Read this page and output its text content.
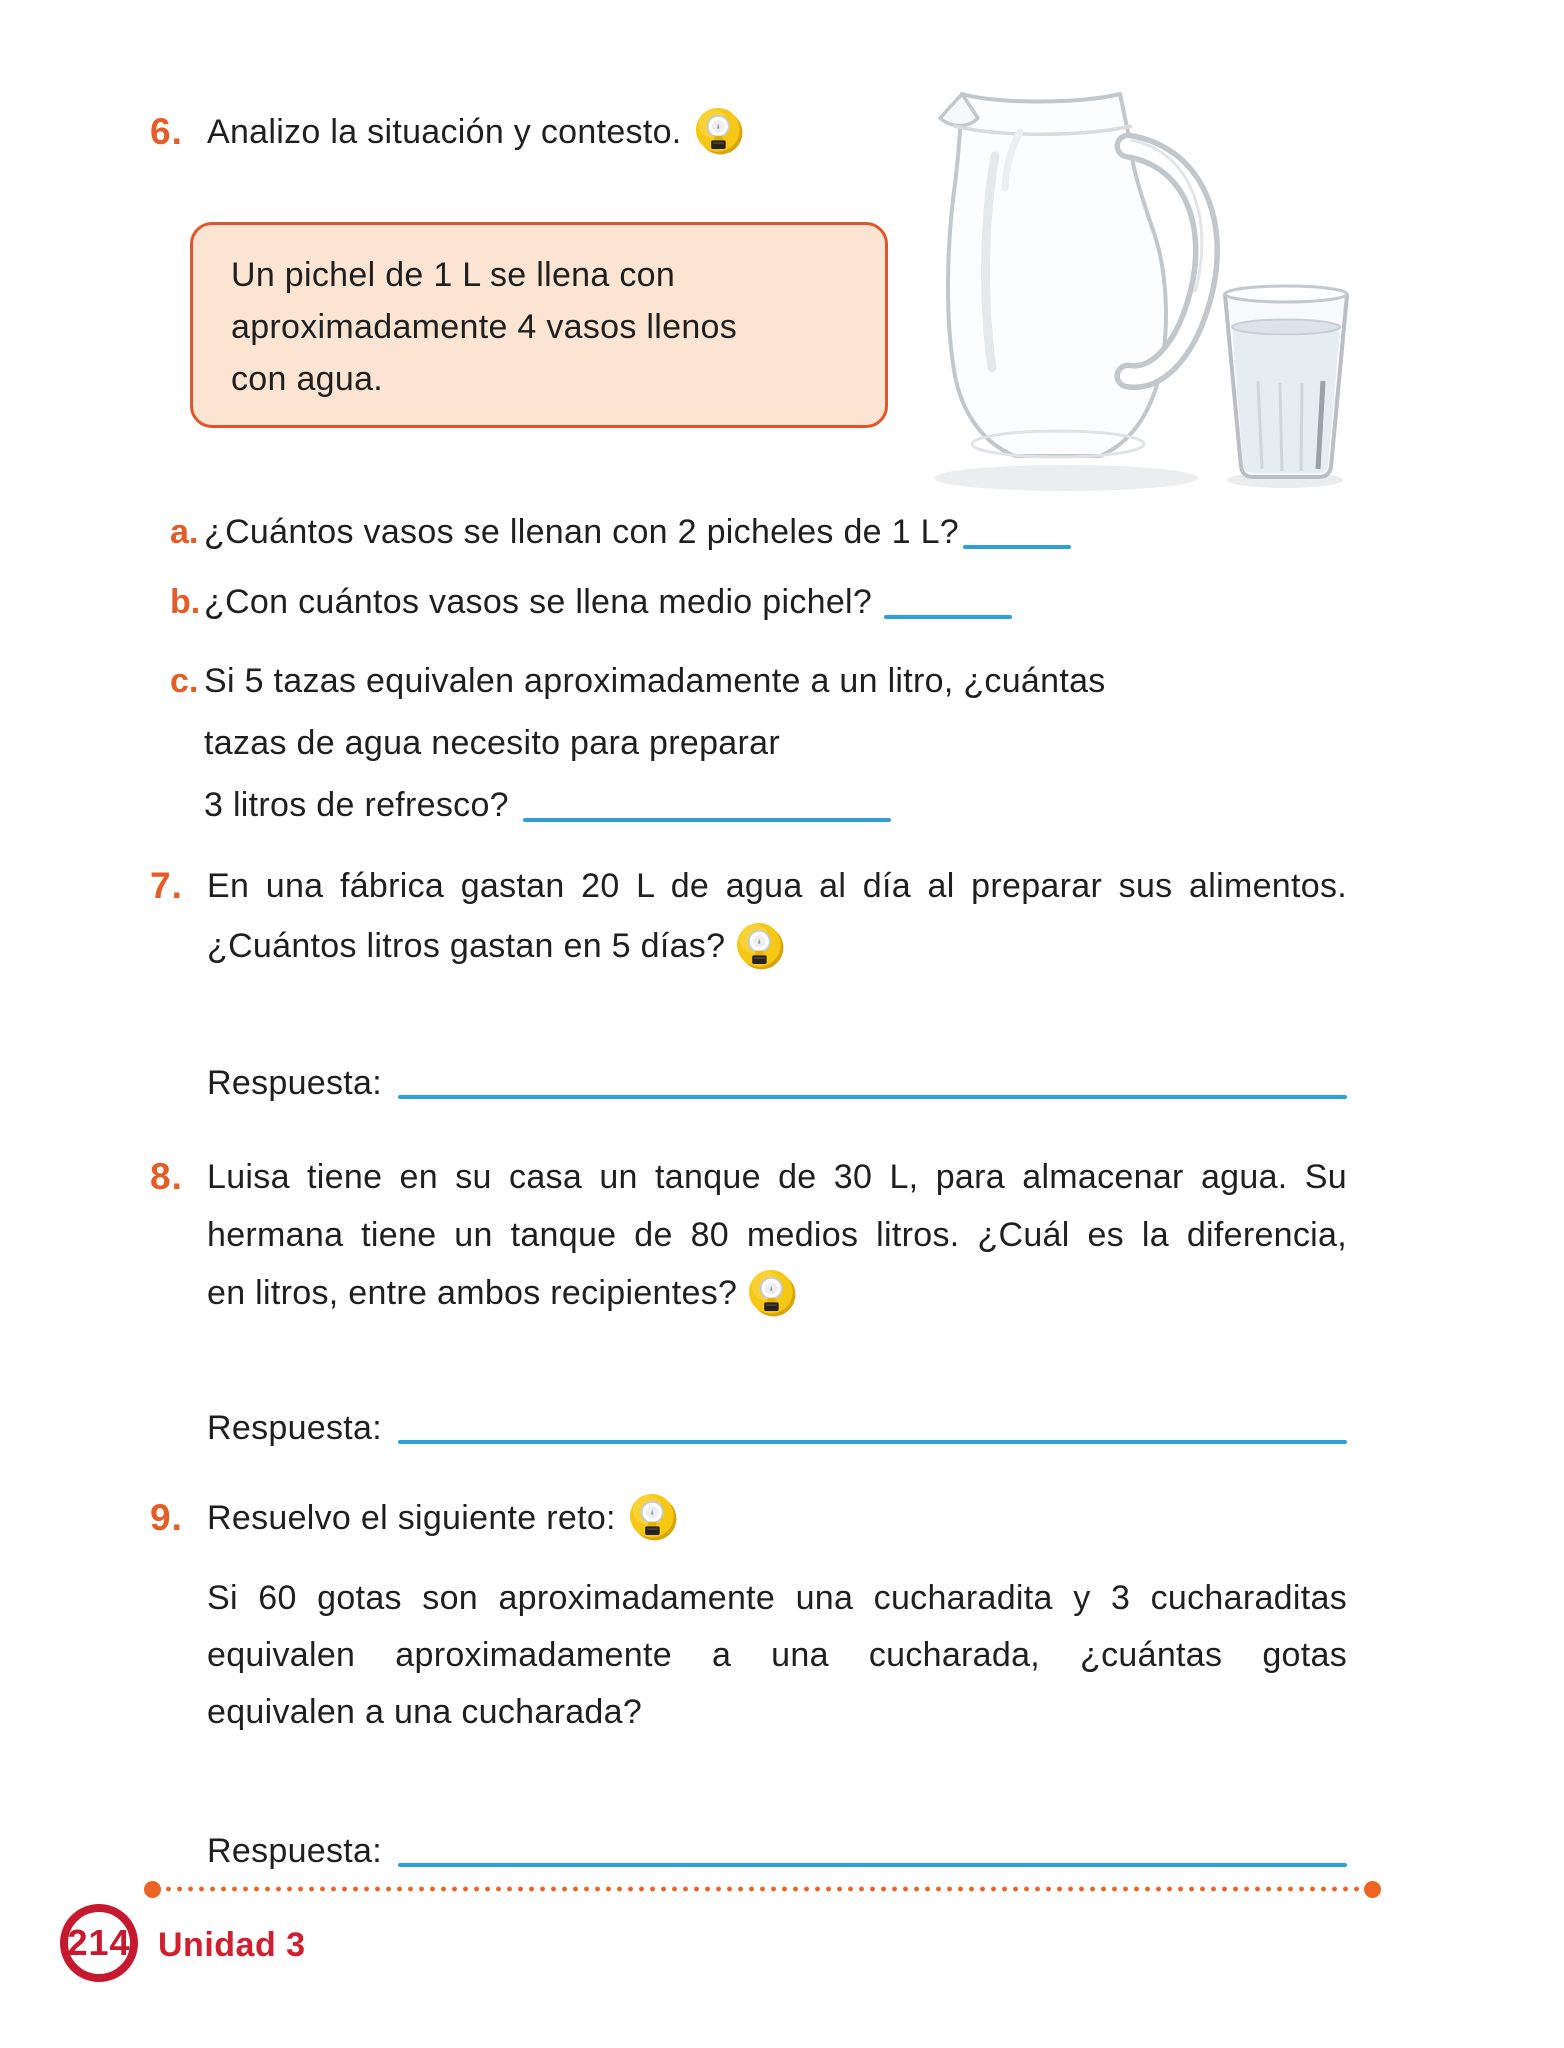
6. Analizo la situación y contesto.
Un pichel de 1 L se llena con
aproximadamente 4 vasos llenos
con agua.
a. ¿Cuántos vasos se llenan con 2 picheles de 1 L?
b. ¿Con cuántos vasos se llena medio pichel?
c. Si 5 tazas equivalen aproximadamente a un litro, ¿cuántas
tazas de agua necesito para preparar
3 litros de refresco?
7. En una fábrica gastan 20 L de agua al día al preparar sus alimentos.
¿Cuántos litros gastan en 5 días?
Respuesta:
8. Luisa tiene en su casa un tanque de 30 L, para almacenar agua. Su
hermana tiene un tanque de 80 medios litros. ¿Cuál es la diferencia,
en litros, entre ambos recipientes?
Respuesta:
9. Resuelvo el siguiente reto:
Si 60 gotas son aproximadamente una cucharadita y 3 cucharaditas
equivalen aproximadamente a una cucharada, ¿cuántas gotas
equivalen a una cucharada?
Respuesta:
214 Unidad 3
